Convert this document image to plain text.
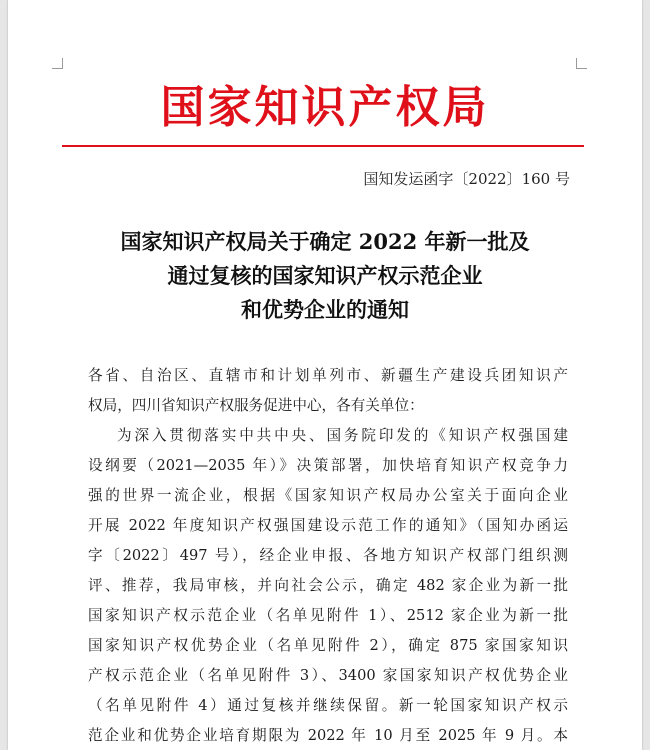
国家知识产权局
国知发运函字〔2022〕160 号
国家知识产权局关于确定 2022 年新一批及
通过复核的国家知识产权示范企业
和优势企业的通知
各省、自治区、直辖市和计划单列市、新疆生产建设兵团知识产
权局，四川省知识产权服务促进中心，各有关单位：
为深入贯彻落实中共中央、国务院印发的《知识产权强国建
设纲要（2021—2035 年）》决策部署，加快培育知识产权竞争力
强的世界一流企业，根据《国家知识产权局办公室关于面向企业
开展 2022 年度知识产权强国建设示范工作的通知》（国知办函运
字〔2022〕497 号），经企业申报、各地方知识产权部门组织测
评、推荐，我局审核，并向社会公示，确定 482 家企业为新一批
国家知识产权示范企业（名单见附件 1）、2512 家企业为新一批
国家知识产权优势企业（名单见附件 2），确定 875 家国家知识
产权示范企业（名单见附件 3）、3400 家国家知识产权优势企业
（名单见附件 4）通过复核并继续保留。新一轮国家知识产权示
范企业和优势企业培育期限为 2022 年 10 月至 2025 年 9 月。本
